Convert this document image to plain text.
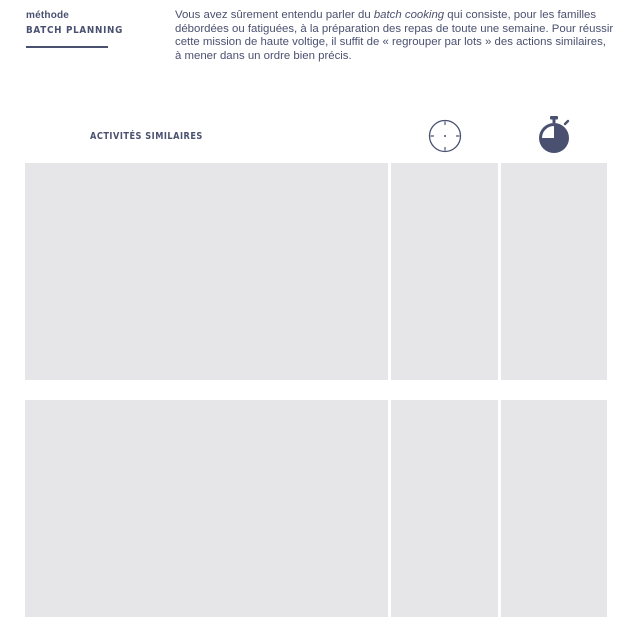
méthode
BATCH PLANNING

Vous avez sûrement entendu parler du batch cooking qui consiste, pour les familles débordées ou fatiguées, à la préparation des repas de toute une semaine. Pour réussir cette mission de haute voltige, il suffit de « regrouper par lots » des actions similaires, à mener dans un ordre bien précis.

ACTIVITÉS SIMILAIRES
